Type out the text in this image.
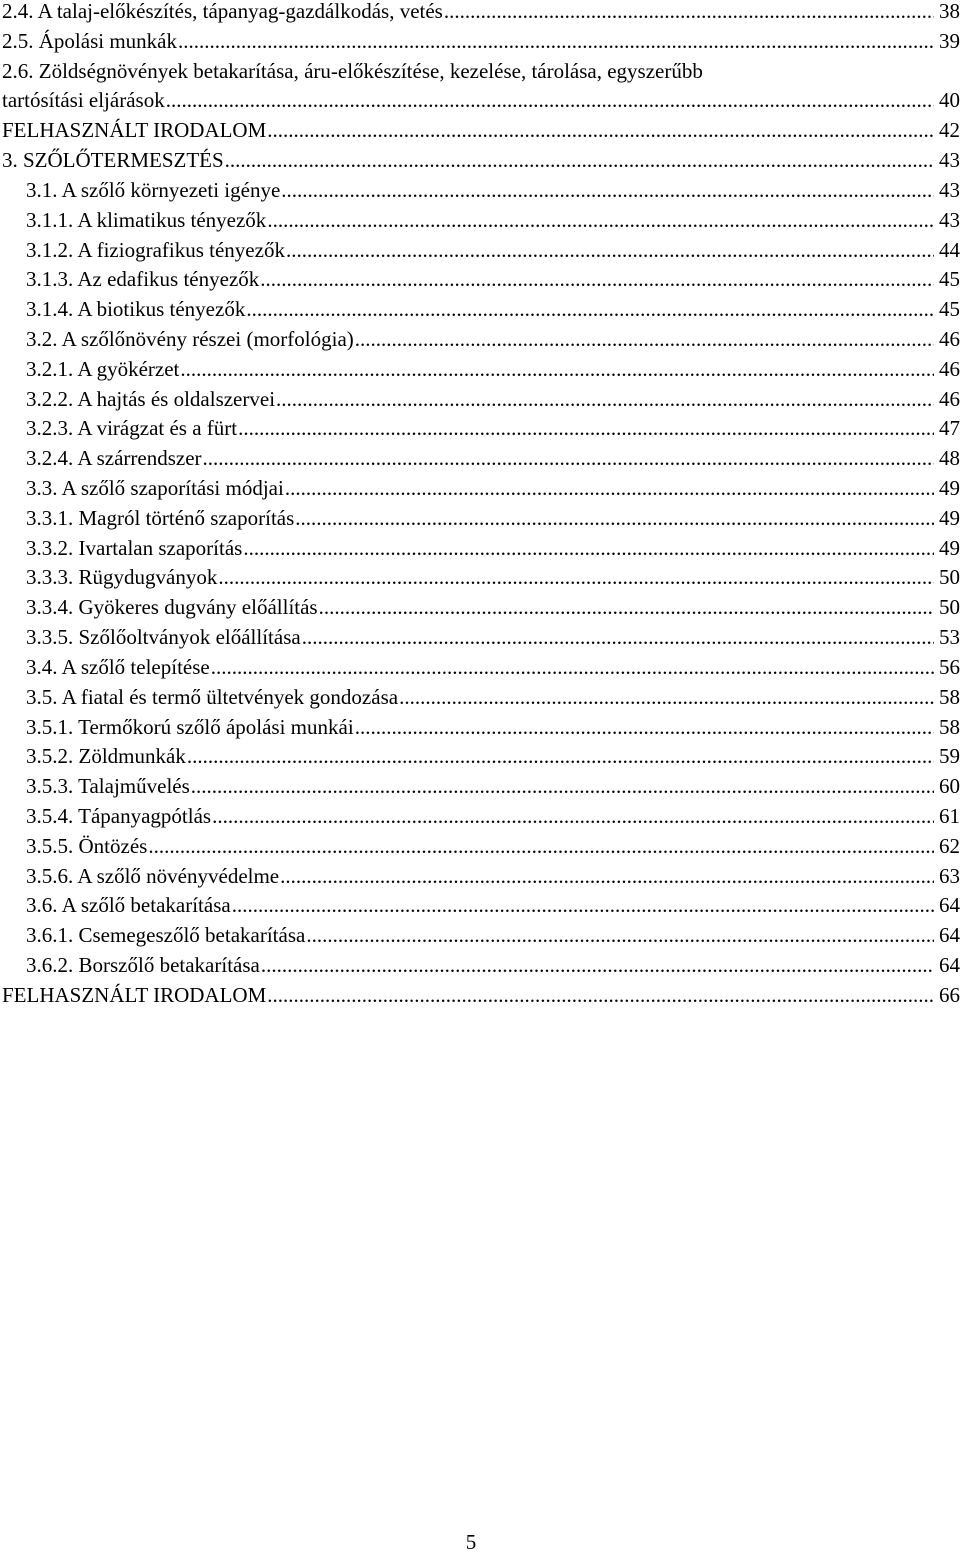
2.4. A talaj-előkészítés, tápanyag-gazdálkodás, vetés .....	38
2.5. Ápolási munkák .....	39
2.6. Zöldségnövények betakarítása, áru-előkészítése, kezelése, tárolása, egyszerűbb
tartósítási eljárások .....	40
FELHASZNÁLT IRODALOM .....	42
3. SZŐLŐTERMESZTÉS .....	43
3.1. A szőlő környezeti igénye .....	43
3.1.1. A klimatikus tényezők .....	43
3.1.2. A fiziografikus tényezők .....	44
3.1.3. Az edafikus tényezők .....	45
3.1.4. A biotikus tényezők .....	45
3.2. A szőlőnövény részei (morfológia) .....	46
3.2.1. A gyökérzet .....	46
3.2.2. A hajtás és oldalszervei .....	46
3.2.3. A virágzat és a fürt .....	47
3.2.4. A szárrendszer .....	48
3.3. A szőlő szaporítási módjai .....	49
3.3.1. Magról történő szaporítás .....	49
3.3.2. Ivartalan szaporítás .....	49
3.3.3. Rügydugványok .....	50
3.3.4. Gyökeres dugvány előállítás .....	50
3.3.5. Szőlőoltványok előállítása .....	53
3.4. A szőlő telepítése .....	56
3.5. A fiatal és termő ültetvények gondozása .....	58
3.5.1. Termőkorú szőlő ápolási munkái .....	58
3.5.2. Zöldmunkák .....	59
3.5.3. Talajművelés .....	60
3.5.4. Tápanyagpótlás .....	61
3.5.5. Öntözés .....	62
3.5.6. A szőlő növényvédelme .....	63
3.6. A szőlő betakarítása .....	64
3.6.1. Csemegeszőlő betakarítása .....	64
3.6.2. Borszőlő betakarítása .....	64
FELHASZNÁLT IRODALOM .....	66
5
